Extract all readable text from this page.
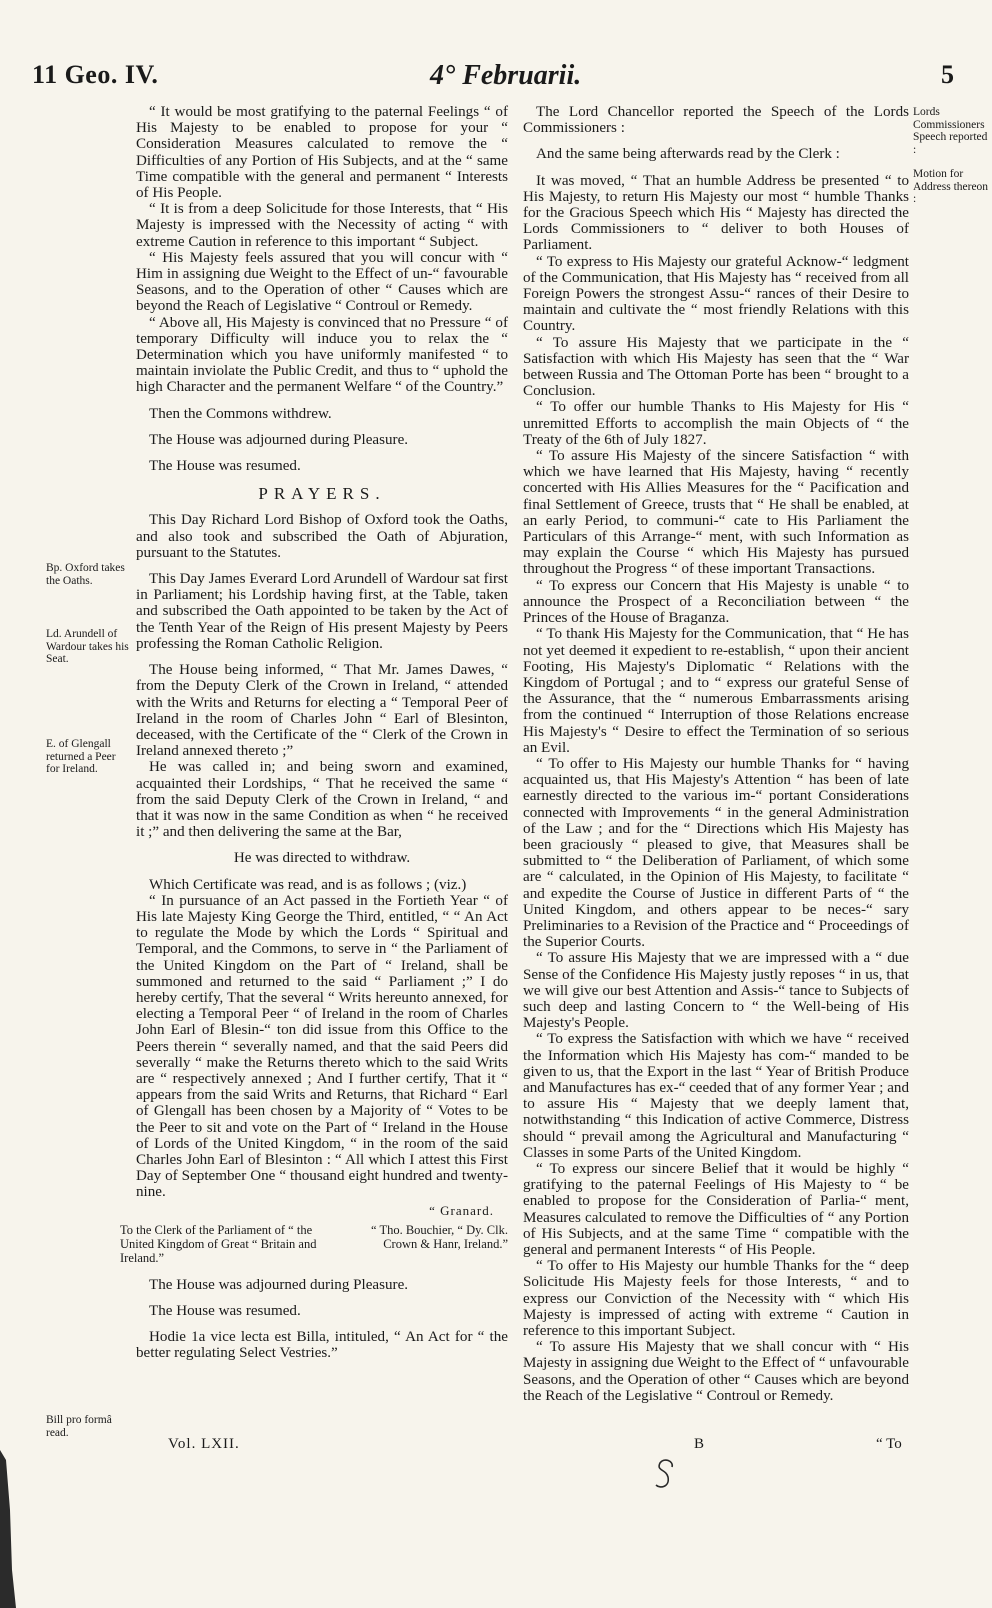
11 Geo. IV.	4° Februarii.	5

“ It would be most gratifying to the paternal Feelings “ of His Majesty to be enabled to propose for your “ Consideration Measures calculated to remove the “ Difficulties of any Portion of His Subjects, and at the “ same Time compatible with the general and permanent “ Interests of His People.

“ It is from a deep Solicitude for those Interests, that “ His Majesty is impressed with the Necessity of acting “ with extreme Caution in reference to this important “ Subject.

“ His Majesty feels assured that you will concur with “ Him in assigning due Weight to the Effect of un-“ favourable Seasons, and to the Operation of other “ Causes which are beyond the Reach of Legislative “ Controul or Remedy.

“ Above all, His Majesty is convinced that no Pressure “ of temporary Difficulty will induce you to relax the “ Determination which you have uniformly manifested “ to maintain inviolate the Public Credit, and thus to “ uphold the high Character and the permanent Welfare “ of the Country.”

Then the Commons withdrew.

The House was adjourned during Pleasure.

The House was resumed.

PRAYERS.

This Day Richard Lord Bishop of Oxford took the Oaths, and also took and subscribed the Oath of Abjuration, pursuant to the Statutes.

This Day James Everard Lord Arundell of Wardour sat first in Parliament; his Lordship having first, at the Table, taken and subscribed the Oath appointed to be taken by the Act of the Tenth Year of the Reign of His present Majesty by Peers professing the Roman Catholic Religion.

The House being informed, “ That Mr. James Dawes, “ from the Deputy Clerk of the Crown in Ireland, “ attended with the Writs and Returns for electing a “ Temporal Peer of Ireland in the room of Charles John “ Earl of Blesinton, deceased, with the Certificate of the “ Clerk of the Crown in Ireland annexed thereto ;”

He was called in; and being sworn and examined, acquainted their Lordships, “ That he received the same “ from the said Deputy Clerk of the Crown in Ireland, “ and that it was now in the same Condition as when “ he received it ;” and then delivering the same at the Bar,

He was directed to withdraw.

Which Certificate was read, and is as follows ; (viz.)

“ In pursuance of an Act passed in the Fortieth Year “ of His late Majesty King George the Third, entitled, “ “ An Act to regulate the Mode by which the Lords “ Spiritual and Temporal, and the Commons, to serve in “ the Parliament of the United Kingdom on the Part of “ Ireland, shall be summoned and returned to the said “ Parliament ;” I do hereby certify, That the several “ Writs hereunto annexed, for electing a Temporal Peer “ of Ireland in the room of Charles John Earl of Blesin-“ ton did issue from this Office to the Peers therein “ severally named, and that the said Peers did severally “ make the Returns thereto which to the said Writs are “ respectively annexed ; And I further certify, That it “ appears from the said Writs and Returns, that Richard “ Earl of Glengall has been chosen by a Majority of “ Votes to be the Peer to sit and vote on the Part of “ Ireland in the House of Lords of the United Kingdom, “ in the room of the said Charles John Earl of Blesinton : “ All which I attest this First Day of September One “ thousand eight hundred and twenty-nine.

“ Granard.
To the Clerk of the Parliament of “ the United Kingdom of Great “ Britain and Ireland.”
“ Tho. Bouchier, “ Dy. Clk. Crown & Hanr, Ireland.”

The House was adjourned during Pleasure.

The House was resumed.

Hodie 1a vice lecta est Billa, intituled, “ An Act for “ the better regulating Select Vestries.”

The Lord Chancellor reported the Speech of the Lords Commissioners :

And the same being afterwards read by the Clerk :

It was moved, “ That an humble Address be presented “ to His Majesty, to return His Majesty our most “ humble Thanks for the Gracious Speech which His “ Majesty has directed the Lords Commissioners to “ deliver to both Houses of Parliament.

“ To express to His Majesty our grateful Acknow-“ ledgment of the Communication, that His Majesty has “ received from all Foreign Powers the strongest Assu-“ rances of their Desire to maintain and cultivate the “ most friendly Relations with this Country.

“ To assure His Majesty that we participate in the “ Satisfaction with which His Majesty has seen that the “ War between Russia and The Ottoman Porte has been “ brought to a Conclusion.

“ To offer our humble Thanks to His Majesty for His “ unremitted Efforts to accomplish the main Objects of “ the Treaty of the 6th of July 1827.

“ To assure His Majesty of the sincere Satisfaction “ with which we have learned that His Majesty, having “ recently concerted with His Allies Measures for the “ Pacification and final Settlement of Greece, trusts that “ He shall be enabled, at an early Period, to communi-“ cate to His Parliament the Particulars of this Arrange-“ ment, with such Information as may explain the Course “ which His Majesty has pursued throughout the Progress “ of these important Transactions.

“ To express our Concern that His Majesty is unable “ to announce the Prospect of a Reconciliation between “ the Princes of the House of Braganza.

“ To thank His Majesty for the Communication, that “ He has not yet deemed it expedient to re-establish, “ upon their ancient Footing, His Majesty's Diplomatic “ Relations with the Kingdom of Portugal ; and to “ express our grateful Sense of the Assurance, that the “ numerous Embarrassments arising from the continued “ Interruption of those Relations encrease His Majesty's “ Desire to effect the Termination of so serious an Evil.

“ To offer to His Majesty our humble Thanks for “ having acquainted us, that His Majesty's Attention “ has been of late earnestly directed to the various im-“ portant Considerations connected with Improvements “ in the general Administration of the Law ; and for the “ Directions which His Majesty has been graciously “ pleased to give, that Measures shall be submitted to “ the Deliberation of Parliament, of which some are “ calculated, in the Opinion of His Majesty, to facilitate “ and expedite the Course of Justice in different Parts of “ the United Kingdom, and others appear to be neces-“ sary Preliminaries to a Revision of the Practice and “ Proceedings of the Superior Courts.

“ To assure His Majesty that we are impressed with a “ due Sense of the Confidence His Majesty justly reposes “ in us, that we will give our best Attention and Assis-“ tance to Subjects of such deep and lasting Concern to “ the Well-being of His Majesty's People.

“ To express the Satisfaction with which we have “ received the Information which His Majesty has com-“ manded to be given to us, that the Export in the last “ Year of British Produce and Manufactures has ex-“ ceeded that of any former Year ; and to assure His “ Majesty that we deeply lament that, notwithstanding “ this Indication of active Commerce, Distress should “ prevail among the Agricultural and Manufacturing “ Classes in some Parts of the United Kingdom.

“ To express our sincere Belief that it would be highly “ gratifying to the paternal Feelings of His Majesty to “ be enabled to propose for the Consideration of Parlia-“ ment, Measures calculated to remove the Difficulties of “ any Portion of His Subjects, and at the same Time “ compatible with the general and permanent Interests “ of His People.

“ To offer to His Majesty our humble Thanks for the “ deep Solicitude His Majesty feels for those Interests, “ and to express our Conviction of the Necessity with “ which His Majesty is impressed of acting with extreme “ Caution in reference to this important Subject.

“ To assure His Majesty that we shall concur with “ His Majesty in assigning due Weight to the Effect of “ unfavourable Seasons, and the Operation of other “ Causes which are beyond the Reach of the Legislative “ Controul or Remedy.

Lords Commissioners Speech reported :
Motion for Address thereon :
Bp. Oxford takes the Oaths.
Ld. Arundell of Wardour takes his Seat.
E. of Glengall returned a Peer for Ireland.
Bill pro formâ read.
Vol. LXII.	B	“ To
